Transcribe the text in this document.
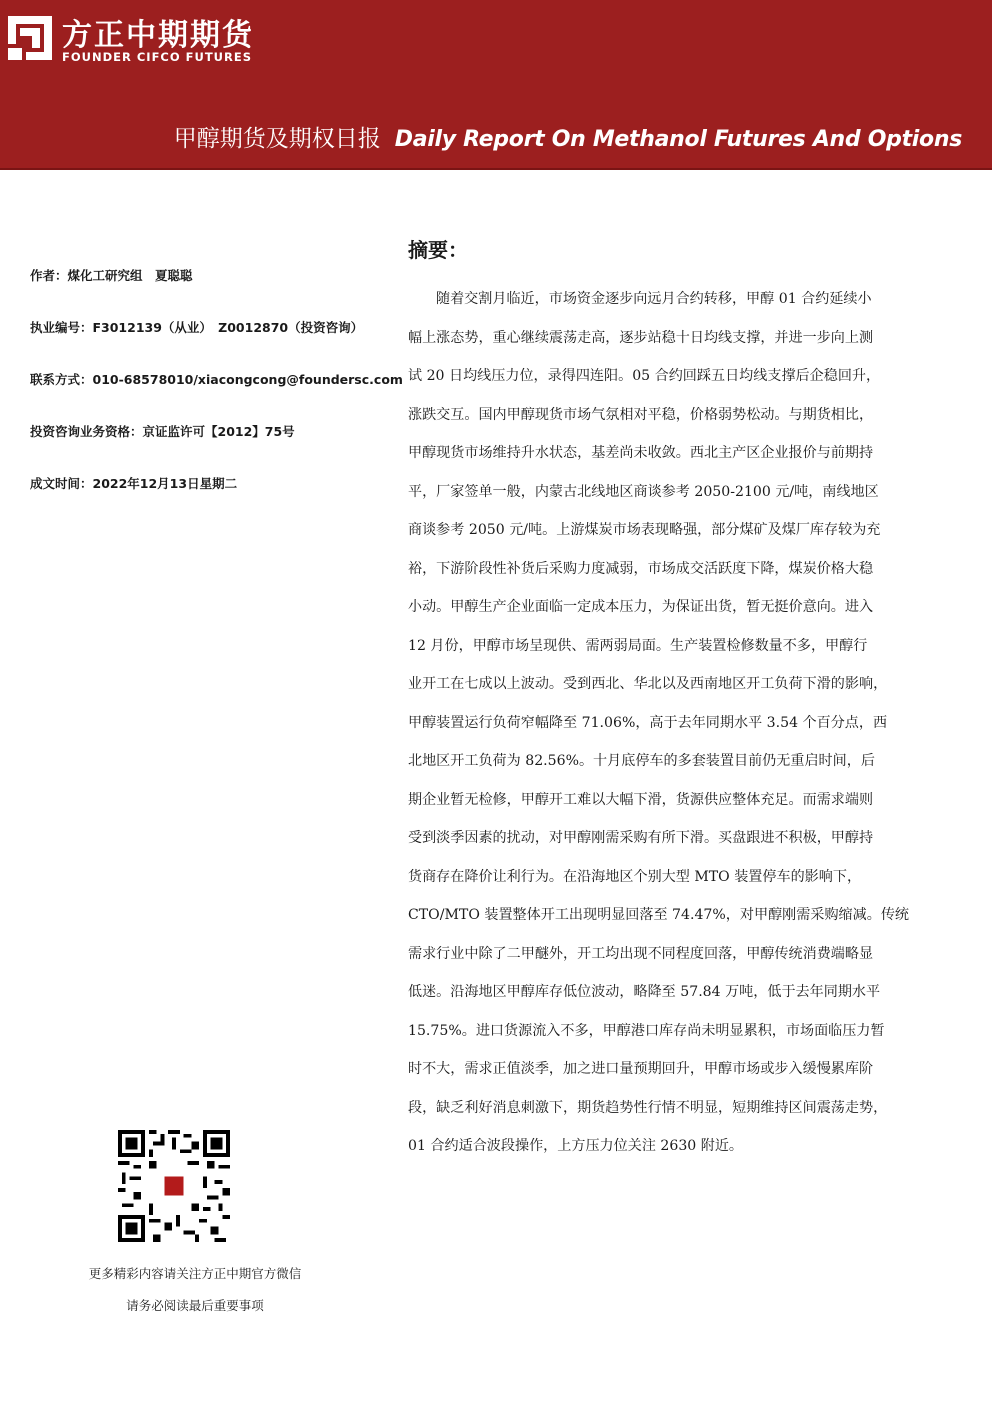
方正中期期货
FOUNDER CIFCO FUTURES
甲醇期货及期权日报 Daily Report On Methanol Futures And Options
作者：煤化工研究组　夏聪聪
执业编号：F3012139（从业）　Z0012870（投资咨询）
联系方式：010-68578010/xiacongcong@foundersc.com
投资咨询业务资格：京证监许可【2012】75号
成文时间：2022年12月13日星期二
更多精彩内容请关注方正中期官方微信
请务必阅读最后重要事项
摘要：
随着交割月临近，市场资金逐步向远月合约转移，甲醇 01 合约延续小
幅上涨态势，重心继续震荡走高，逐步站稳十日均线支撑，并进一步向上测
试 20 日均线压力位，录得四连阳。05 合约回踩五日均线支撑后企稳回升，
涨跌交互。国内甲醇现货市场气氛相对平稳，价格弱势松动。与期货相比，
甲醇现货市场维持升水状态，基差尚未收敛。西北主产区企业报价与前期持
平，厂家签单一般，内蒙古北线地区商谈参考 2050-2100 元/吨，南线地区
商谈参考 2050 元/吨。上游煤炭市场表现略强，部分煤矿及煤厂库存较为充
裕，下游阶段性补货后采购力度减弱，市场成交活跃度下降，煤炭价格大稳
小动。甲醇生产企业面临一定成本压力，为保证出货，暂无挺价意向。进入
12 月份，甲醇市场呈现供、需两弱局面。生产装置检修数量不多，甲醇行
业开工在七成以上波动。受到西北、华北以及西南地区开工负荷下滑的影响，
甲醇装置运行负荷窄幅降至 71.06%，高于去年同期水平 3.54 个百分点，西
北地区开工负荷为 82.56%。十月底停车的多套装置目前仍无重启时间，后
期企业暂无检修，甲醇开工难以大幅下滑，货源供应整体充足。而需求端则
受到淡季因素的扰动，对甲醇刚需采购有所下滑。买盘跟进不积极，甲醇持
货商存在降价让利行为。在沿海地区个别大型 MTO 装置停车的影响下，
CTO/MTO 装置整体开工出现明显回落至 74.47%，对甲醇刚需采购缩减。传统
需求行业中除了二甲醚外，开工均出现不同程度回落，甲醇传统消费端略显
低迷。沿海地区甲醇库存低位波动，略降至 57.84 万吨，低于去年同期水平
15.75%。进口货源流入不多，甲醇港口库存尚未明显累积，市场面临压力暂
时不大，需求正值淡季，加之进口量预期回升，甲醇市场或步入缓慢累库阶
段，缺乏利好消息刺激下，期货趋势性行情不明显，短期维持区间震荡走势，
01 合约适合波段操作，上方压力位关注 2630 附近。
